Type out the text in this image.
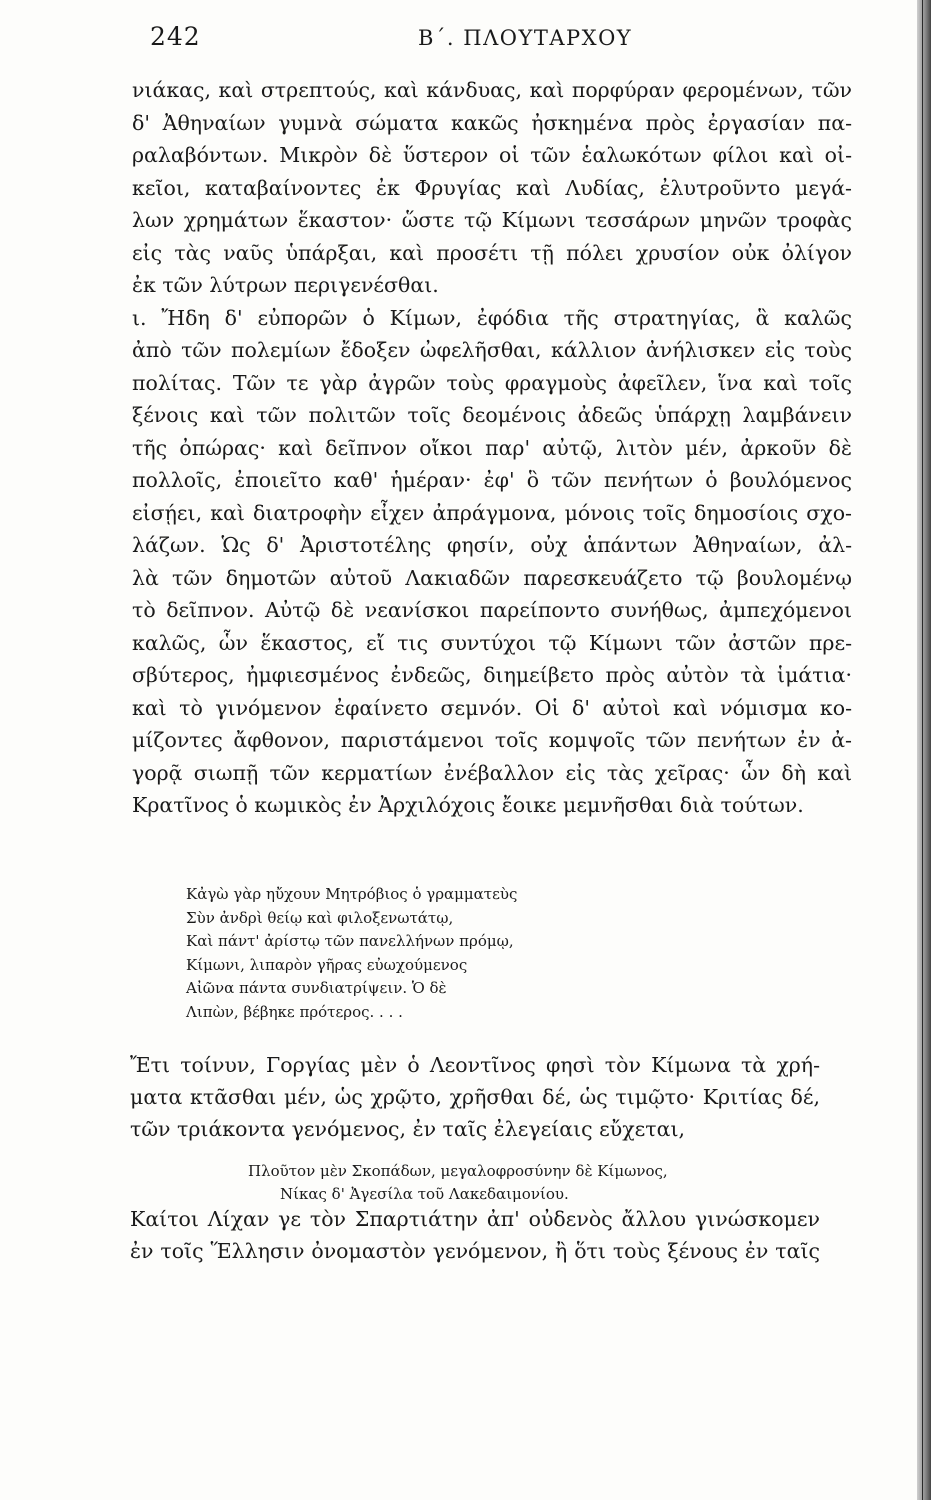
242	Β΄. ΠΛΟΥΤΑΡΧΟΥ
νιάκας, καὶ στρεπτούς, καὶ κάνδυας, καὶ πορφύραν φερομένων, τῶν
δ' Ἀθηναίων γυμνὰ σώματα κακῶς ἠσκημένα πρὸς ἐργασίαν πα-
ραλαβόντων. Μικρὸν δὲ ὕστερον οἱ τῶν ἑαλωκότων φίλοι καὶ οἰ-
κεῖοι, καταβαίνοντες ἐκ Φρυγίας καὶ Λυδίας, ἐλυτροῦντο μεγά-
λων χρημάτων ἕκαστον· ὥστε τῷ Κίμωνι τεσσάρων μηνῶν τροφὰς
εἰς τὰς ναῦς ὑπάρξαι, καὶ προσέτι τῇ πόλει χρυσίον οὐκ ὀλίγον
ἐκ τῶν λύτρων περιγενέσθαι.
ι. Ἤδη δ' εὐπορῶν ὁ Κίμων, ἐφόδια τῆς στρατηγίας, ἃ καλῶς
ἀπὸ τῶν πολεμίων ἔδοξεν ὠφελῆσθαι, κάλλιον ἀνήλισκεν εἰς τοὺς
πολίτας. Τῶν τε γὰρ ἀγρῶν τοὺς φραγμοὺς ἀφεῖλεν, ἵνα καὶ τοῖς
ξένοις καὶ τῶν πολιτῶν τοῖς δεομένοις ἀδεῶς ὑπάρχῃ λαμβάνειν
τῆς ὀπώρας· καὶ δεῖπνον οἴκοι παρ' αὐτῷ, λιτὸν μέν, ἀρκοῦν δὲ
πολλοῖς, ἐποιεῖτο καθ' ἡμέραν· ἐφ' ὃ τῶν πενήτων ὁ βουλόμενος
εἰσῄει, καὶ διατροφὴν εἶχεν ἀπράγμονα, μόνοις τοῖς δημοσίοις σχο-
λάζων. Ὡς δ' Ἀριστοτέλης φησίν, οὐχ ἁπάντων Ἀθηναίων, ἀλ-
λὰ τῶν δημοτῶν αὐτοῦ Λακιαδῶν παρεσκευάζετο τῷ βουλομένῳ
τὸ δεῖπνον. Αὐτῷ δὲ νεανίσκοι παρείποντο συνήθως, ἀμπεχόμενοι
καλῶς, ὧν ἕκαστος, εἴ τις συντύχοι τῷ Κίμωνι τῶν ἀστῶν πρε-
σβύτερος, ἠμφιεσμένος ἐνδεῶς, διημείβετο πρὸς αὐτὸν τὰ ἱμάτια·
καὶ τὸ γινόμενον ἐφαίνετο σεμνόν. Οἱ δ' αὐτοὶ καὶ νόμισμα κο-
μίζοντες ἄφθονον, παριστάμενοι τοῖς κομψοῖς τῶν πενήτων ἐν ἀ-
γορᾷ σιωπῇ τῶν κερματίων ἐνέβαλλον εἰς τὰς χεῖρας· ὧν δὴ καὶ
Κρατῖνος ὁ κωμικὸς ἐν Ἀρχιλόχοις ἔοικε μεμνῆσθαι διὰ τούτων.
Κἀγὼ γὰρ ηὔχουν Μητρόβιος ὁ γραμματεὺς
Σὺν ἀνδρὶ θείῳ καὶ φιλοξενωτάτῳ,
Καὶ πάντ' ἀρίστῳ τῶν πανελλήνων πρόμῳ,
Κίμωνι, λιπαρὸν γῆρας εὐωχούμενος
Αἰῶνα πάντα συνδιατρίψειν. Ὁ δὲ
Λιπὼν, βέβηκε πρότερος. . . .
Ἔτι τοίνυν, Γοργίας μὲν ὁ Λεοντῖνος φησὶ τὸν Κίμωνα τὰ χρή-
ματα κτᾶσθαι μέν, ὡς χρῷτο, χρῆσθαι δέ, ὡς τιμῷτο· Κριτίας δέ,
τῶν τριάκοντα γενόμενος, ἐν ταῖς ἐλεγείαις εὔχεται,
Πλοῦτον μὲν Σκοπάδων, μεγαλοφροσύνην δὲ Κίμωνος,
Νίκας δ' Ἀγεσίλα τοῦ Λακεδαιμονίου.
Καίτοι Λίχαν γε τὸν Σπαρτιάτην ἀπ' οὐδενὸς ἄλλου γινώσκομεν
ἐν τοῖς Ἕλλησιν ὀνομαστὸν γενόμενον, ἢ ὅτι τοὺς ξένους ἐν ταῖς
